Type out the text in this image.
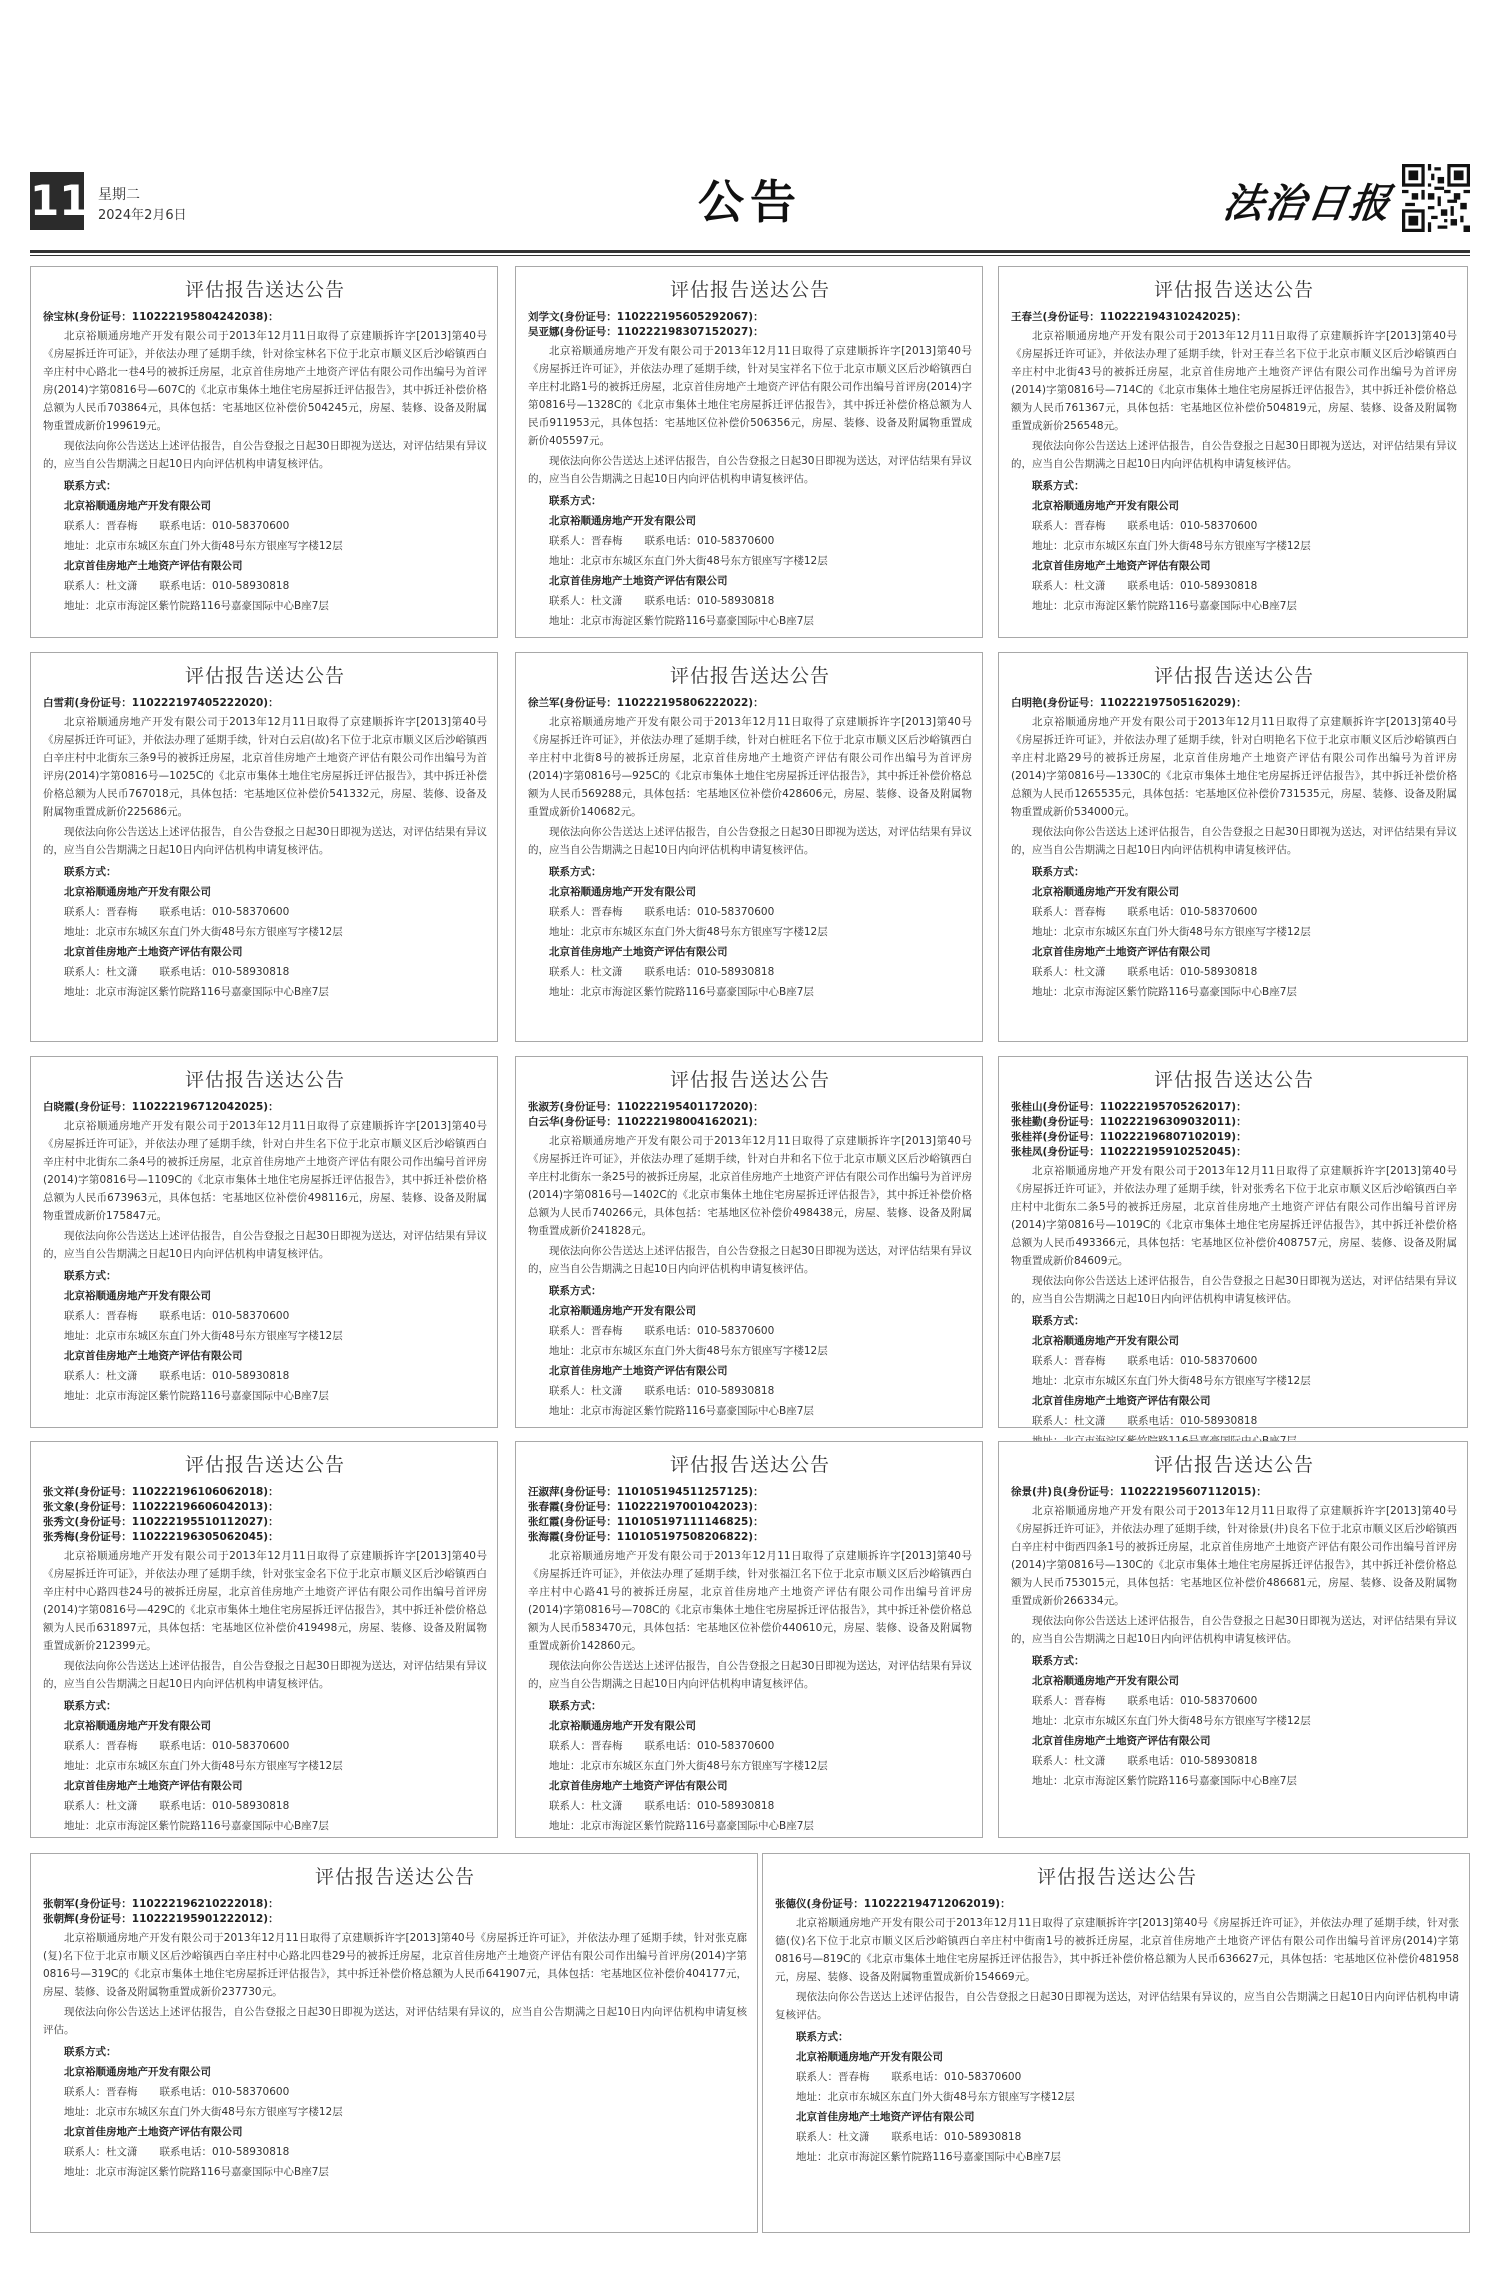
11 星期二
2024年2月6日	公告	法治日报
评估报告送达公告
徐宝林(身份证号：110222195804242038)：
北京裕顺通房地产开发有限公司于2013年12月11日取得了京建顺拆许字[2013]第40号《房屋拆迁许可证》，并依法办理了延期手续，针对徐宝林名下位于北京市顺义区后沙峪镇西白辛庄村中心路北一巷4号的被拆迁房屋，北京首佳房地产土地资产评估有限公司作出编号为首评房(2014)字第0816号—607C的《北京市集体土地住宅房屋拆迁评估报告》，其中拆迁补偿价格总额为人民币703864元，具体包括：宅基地区位补偿价504245元，房屋、装修、设备及附属物重置成新价199619元。
现依法向你公告送达上述评估报告，自公告登报之日起30日即视为送达，对评估结果有异议的，应当自公告期满之日起10日内向评估机构申请复核评估。
联系方式：
北京裕顺通房地产开发有限公司
联系人：晋春梅 联系电话：010-58370600
地址：北京市东城区东直门外大街48号东方银座写字楼12层
北京首佳房地产土地资产评估有限公司
联系人：杜文潇 联系电话：010-58930818
地址：北京市海淀区紫竹院路116号嘉豪国际中心B座7层
评估报告送达公告
刘学文(身份证号：110222195605292067)：
吴亚娜(身份证号：110222198307152027)：
北京裕顺通房地产开发有限公司于2013年12月11日取得了京建顺拆许字[2013]第40号《房屋拆迁许可证》，并依法办理了延期手续，针对吴宝祥名下位于北京市顺义区后沙峪镇西白辛庄村北路1号的被拆迁房屋，北京首佳房地产土地资产评估有限公司作出编号首评房(2014)字第0816号—1328C的《北京市集体土地住宅房屋拆迁评估报告》，其中拆迁补偿价格总额为人民币911953元，具体包括：宅基地区位补偿价506356元，房屋、装修、设备及附属物重置成新价405597元。
现依法向你公告送达上述评估报告，自公告登报之日起30日即视为送达，对评估结果有异议的，应当自公告期满之日起10日内向评估机构申请复核评估。
联系方式：
北京裕顺通房地产开发有限公司
联系人：晋春梅 联系电话：010-58370600
地址：北京市东城区东直门外大街48号东方银座写字楼12层
北京首佳房地产土地资产评估有限公司
联系人：杜文潇 联系电话：010-58930818
地址：北京市海淀区紫竹院路116号嘉豪国际中心B座7层
评估报告送达公告
王春兰(身份证号：110222194310242025)：
北京裕顺通房地产开发有限公司于2013年12月11日取得了京建顺拆许字[2013]第40号《房屋拆迁许可证》，并依法办理了延期手续，针对王春兰名下位于北京市顺义区后沙峪镇西白辛庄村中北街43号的被拆迁房屋，北京首佳房地产土地资产评估有限公司作出编号为首评房(2014)字第0816号—714C的《北京市集体土地住宅房屋拆迁评估报告》，其中拆迁补偿价格总额为人民币761367元，具体包括：宅基地区位补偿价504819元，房屋、装修、设备及附属物重置成新价256548元。
现依法向你公告送达上述评估报告，自公告登报之日起30日即视为送达，对评估结果有异议的，应当自公告期满之日起10日内向评估机构申请复核评估。
联系方式：
北京裕顺通房地产开发有限公司
联系人：晋春梅 联系电话：010-58370600
地址：北京市东城区东直门外大街48号东方银座写字楼12层
北京首佳房地产土地资产评估有限公司
联系人：杜文潇 联系电话：010-58930818
地址：北京市海淀区紫竹院路116号嘉豪国际中心B座7层
评估报告送达公告
白雪莉(身份证号：110222197405222020)：
北京裕顺通房地产开发有限公司于2013年12月11日取得了京建顺拆许字[2013]第40号《房屋拆迁许可证》，并依法办理了延期手续，针对白云启(故)名下位于北京市顺义区后沙峪镇西白辛庄村中北街东三条9号的被拆迁房屋，北京首佳房地产土地资产评估有限公司作出编号为首评房(2014)字第0816号—1025C的《北京市集体土地住宅房屋拆迁评估报告》，其中拆迁补偿价格总额为人民币767018元，具体包括：宅基地区位补偿价541332元，房屋、装修、设备及附属物重置成新价225686元。
现依法向你公告送达上述评估报告，自公告登报之日起30日即视为送达，对评估结果有异议的，应当自公告期满之日起10日内向评估机构申请复核评估。
联系方式：
北京裕顺通房地产开发有限公司
联系人：晋春梅 联系电话：010-58370600
地址：北京市东城区东直门外大街48号东方银座写字楼12层
北京首佳房地产土地资产评估有限公司
联系人：杜文潇 联系电话：010-58930818
地址：北京市海淀区紫竹院路116号嘉豪国际中心B座7层
评估报告送达公告
徐兰军(身份证号：110222195806222022)：
北京裕顺通房地产开发有限公司于2013年12月11日取得了京建顺拆许字[2013]第40号《房屋拆迁许可证》，并依法办理了延期手续，针对白桩旺名下位于北京市顺义区后沙峪镇西白辛庄村中北街8号的被拆迁房屋，北京首佳房地产土地资产评估有限公司作出编号为首评房(2014)字第0816号—925C的《北京市集体土地住宅房屋拆迁评估报告》，其中拆迁补偿价格总额为人民币569288元，具体包括：宅基地区位补偿价428606元，房屋、装修、设备及附属物重置成新价140682元。
现依法向你公告送达上述评估报告，自公告登报之日起30日即视为送达，对评估结果有异议的，应当自公告期满之日起10日内向评估机构申请复核评估。
联系方式：
北京裕顺通房地产开发有限公司
联系人：晋春梅 联系电话：010-58370600
地址：北京市东城区东直门外大街48号东方银座写字楼12层
北京首佳房地产土地资产评估有限公司
联系人：杜文潇 联系电话：010-58930818
地址：北京市海淀区紫竹院路116号嘉豪国际中心B座7层
评估报告送达公告
白明艳(身份证号：110222197505162029)：
北京裕顺通房地产开发有限公司于2013年12月11日取得了京建顺拆许字[2013]第40号《房屋拆迁许可证》，并依法办理了延期手续，针对白明艳名下位于北京市顺义区后沙峪镇西白辛庄村北路29号的被拆迁房屋，北京首佳房地产土地资产评估有限公司作出编号为首评房(2014)字第0816号—1330C的《北京市集体土地住宅房屋拆迁评估报告》，其中拆迁补偿价格总额为人民币1265535元，具体包括：宅基地区位补偿价731535元，房屋、装修、设备及附属物重置成新价534000元。
现依法向你公告送达上述评估报告，自公告登报之日起30日即视为送达，对评估结果有异议的，应当自公告期满之日起10日内向评估机构申请复核评估。
联系方式：
北京裕顺通房地产开发有限公司
联系人：晋春梅 联系电话：010-58370600
地址：北京市东城区东直门外大街48号东方银座写字楼12层
北京首佳房地产土地资产评估有限公司
联系人：杜文潇 联系电话：010-58930818
地址：北京市海淀区紫竹院路116号嘉豪国际中心B座7层
评估报告送达公告
白晓霞(身份证号：110222196712042025)：
北京裕顺通房地产开发有限公司于2013年12月11日取得了京建顺拆许字[2013]第40号《房屋拆迁许可证》，并依法办理了延期手续，针对白井生名下位于北京市顺义区后沙峪镇西白辛庄村中北街东二条4号的被拆迁房屋，北京首佳房地产土地资产评估有限公司作出编号首评房(2014)字第0816号—1109C的《北京市集体土地住宅房屋拆迁评估报告》，其中拆迁补偿价格总额为人民币673963元，具体包括：宅基地区位补偿价498116元，房屋、装修、设备及附属物重置成新价175847元。
现依法向你公告送达上述评估报告，自公告登报之日起30日即视为送达，对评估结果有异议的，应当自公告期满之日起10日内向评估机构申请复核评估。
联系方式：
北京裕顺通房地产开发有限公司
联系人：晋春梅 联系电话：010-58370600
地址：北京市东城区东直门外大街48号东方银座写字楼12层
北京首佳房地产土地资产评估有限公司
联系人：杜文潇 联系电话：010-58930818
地址：北京市海淀区紫竹院路116号嘉豪国际中心B座7层
评估报告送达公告
张淑芳(身份证号：110222195401172020)：
白云华(身份证号：110222198004162021)：
北京裕顺通房地产开发有限公司于2013年12月11日取得了京建顺拆许字[2013]第40号《房屋拆迁许可证》，并依法办理了延期手续，针对白井和名下位于北京市顺义区后沙峪镇西白辛庄村北街东一条25号的被拆迁房屋，北京首佳房地产土地资产评估有限公司作出编号为首评房(2014)字第0816号—1402C的《北京市集体土地住宅房屋拆迁评估报告》，其中拆迁补偿价格总额为人民币740266元，具体包括：宅基地区位补偿价498438元，房屋、装修、设备及附属物重置成新价241828元。
现依法向你公告送达上述评估报告，自公告登报之日起30日即视为送达，对评估结果有异议的，应当自公告期满之日起10日内向评估机构申请复核评估。
联系方式：
北京裕顺通房地产开发有限公司
联系人：晋春梅 联系电话：010-58370600
地址：北京市东城区东直门外大街48号东方银座写字楼12层
北京首佳房地产土地资产评估有限公司
联系人：杜文潇 联系电话：010-58930818
地址：北京市海淀区紫竹院路116号嘉豪国际中心B座7层
评估报告送达公告
张桂山(身份证号：110222195705262017)：
张桂勤(身份证号：110222196309032011)：
张桂祥(身份证号：110222196807102019)：
张桂凤(身份证号：110222195910252045)：
北京裕顺通房地产开发有限公司于2013年12月11日取得了京建顺拆许字[2013]第40号《房屋拆迁许可证》，并依法办理了延期手续，针对张秀名下位于北京市顺义区后沙峪镇西白辛庄村中北街东二条5号的被拆迁房屋，北京首佳房地产土地资产评估有限公司作出编号首评房(2014)字第0816号—1019C的《北京市集体土地住宅房屋拆迁评估报告》，其中拆迁补偿价格总额为人民币493366元，具体包括：宅基地区位补偿价408757元，房屋、装修、设备及附属物重置成新价84609元。
现依法向你公告送达上述评估报告，自公告登报之日起30日即视为送达，对评估结果有异议的，应当自公告期满之日起10日内向评估机构申请复核评估。
联系方式：
北京裕顺通房地产开发有限公司
联系人：晋春梅 联系电话：010-58370600
地址：北京市东城区东直门外大街48号东方银座写字楼12层
北京首佳房地产土地资产评估有限公司
联系人：杜文潇 联系电话：010-58930818
评估报告送达公告
张文祥(身份证号：110222196106062018)：
张文象(身份证号：110222196606042013)：
张秀文(身份证号：110222195510112027)：
张秀梅(身份证号：110222196305062045)：
北京裕顺通房地产开发有限公司于2013年12月11日取得了京建顺拆许字[2013]第40号《房屋拆迁许可证》，并依法办理了延期手续，针对张宝金名下位于北京市顺义区后沙峪镇西白辛庄村中心路四巷24号的被拆迁房屋，北京首佳房地产土地资产评估有限公司作出编号首评房(2014)字第0816号—429C的《北京市集体土地住宅房屋拆迁评估报告》，其中拆迁补偿价格总额为人民币631897元，具体包括：宅基地区位补偿价419498元，房屋、装修、设备及附属物重置成新价212399元。
现依法向你公告送达上述评估报告，自公告登报之日起30日即视为送达，对评估结果有异议的，应当自公告期满之日起10日内向评估机构申请复核评估。
联系方式：
北京裕顺通房地产开发有限公司
联系人：晋春梅 联系电话：010-58370600
地址：北京市东城区东直门外大街48号东方银座写字楼12层
北京首佳房地产土地资产评估有限公司
联系人：杜文潇 联系电话：010-58930818
地址：北京市海淀区紫竹院路116号嘉豪国际中心B座7层
评估报告送达公告
汪淑萍(身份证号：110105194511257125)：
张春霞(身份证号：110222197001042023)：
张红霞(身份证号：110105197111146825)：
张海霞(身份证号：110105197508206822)：
北京裕顺通房地产开发有限公司于2013年12月11日取得了京建顺拆许字[2013]第40号《房屋拆迁许可证》，并依法办理了延期手续，针对张福江名下位于北京市顺义区后沙峪镇西白辛庄村中心路41号的被拆迁房屋，北京首佳房地产土地资产评估有限公司作出编号首评房(2014)字第0816号—708C的《北京市集体土地住宅房屋拆迁评估报告》，其中拆迁补偿价格总额为人民币583470元，具体包括：宅基地区位补偿价440610元，房屋、装修、设备及附属物重置成新价142860元。
现依法向你公告送达上述评估报告，自公告登报之日起30日即视为送达，对评估结果有异议的，应当自公告期满之日起10日内向评估机构申请复核评估。
联系方式：
北京裕顺通房地产开发有限公司
联系人：晋春梅 联系电话：010-58370600
地址：北京市东城区东直门外大街48号东方银座写字楼12层
北京首佳房地产土地资产评估有限公司
联系人：杜文潇 联系电话：010-58930818
地址：北京市海淀区紫竹院路116号嘉豪国际中心B座7层
评估报告送达公告
徐景(井)良(身份证号：110222195607112015)：
北京裕顺通房地产开发有限公司于2013年12月11日取得了京建顺拆许字[2013]第40号《房屋拆迁许可证》，并依法办理了延期手续，针对徐景(井)良名下位于北京市顺义区后沙峪镇西白辛庄村中街西四条1号的被拆迁房屋，北京首佳房地产土地资产评估有限公司作出编号首评房(2014)字第0816号—130C的《北京市集体土地住宅房屋拆迁评估报告》，其中拆迁补偿价格总额为人民币753015元，具体包括：宅基地区位补偿价486681元，房屋、装修、设备及附属物重置成新价266334元。
现依法向你公告送达上述评估报告，自公告登报之日起30日即视为送达，对评估结果有异议的，应当自公告期满之日起10日内向评估机构申请复核评估。
联系方式：
北京裕顺通房地产开发有限公司
联系人：晋春梅 联系电话：010-58370600
地址：北京市东城区东直门外大街48号东方银座写字楼12层
北京首佳房地产土地资产评估有限公司
联系人：杜文潇 联系电话：010-58930818
地址：北京市海淀区紫竹院路116号嘉豪国际中心B座7层
评估报告送达公告
张朝军(身份证号：110222196210222018)：
张朝辉(身份证号：110222195901222012)：
北京裕顺通房地产开发有限公司于2013年12月11日取得了京建顺拆许字[2013]第40号《房屋拆迁许可证》，并依法办理了延期手续，针对张克廊(复)名下位于北京市顺义区后沙峪镇西白辛庄村中心路北四巷29号的被拆迁房屋，北京首佳房地产土地资产评估有限公司作出编号首评房(2014)字第0816号—319C的《北京市集体土地住宅房屋拆迁评估报告》，其中拆迁补偿价格总额为人民币641907元，具体包括：宅基地区位补偿价404177元，房屋、装修、设备及附属物重置成新价237730元。
现依法向你公告送达上述评估报告，自公告登报之日起30日即视为送达，对评估结果有异议的，应当自公告期满之日起10日内向评估机构申请复核评估。
联系方式：
北京裕顺通房地产开发有限公司
联系人：晋春梅 联系电话：010-58370600
地址：北京市东城区东直门外大街48号东方银座写字楼12层
北京首佳房地产土地资产评估有限公司
联系人：杜文潇 联系电话：010-58930818
地址：北京市海淀区紫竹院路116号嘉豪国际中心B座7层
评估报告送达公告
张德仪(身份证号：110222194712062019)：
北京裕顺通房地产开发有限公司于2013年12月11日取得了京建顺拆许字[2013]第40号《房屋拆迁许可证》，并依法办理了延期手续，针对张德(仪)名下位于北京市顺义区后沙峪镇西白辛庄村中街南1号的被拆迁房屋，北京首佳房地产土地资产评估有限公司作出编号首评房(2014)字第0816号—819C的《北京市集体土地住宅房屋拆迁评估报告》，其中拆迁补偿价格总额为人民币636627元，具体包括：宅基地区位补偿价481958元，房屋、装修、设备及附属物重置成新价154669元。
现依法向你公告送达上述评估报告，自公告登报之日起30日即视为送达，对评估结果有异议的，应当自公告期满之日起10日内向评估机构申请复核评估。
联系方式：
北京裕顺通房地产开发有限公司
联系人：晋春梅 联系电话：010-58370600
地址：北京市东城区东直门外大街48号东方银座写字楼12层
北京首佳房地产土地资产评估有限公司
联系人：杜文潇 联系电话：010-58930818
地址：北京市海淀区紫竹院路116号嘉豪国际中心B座7层
